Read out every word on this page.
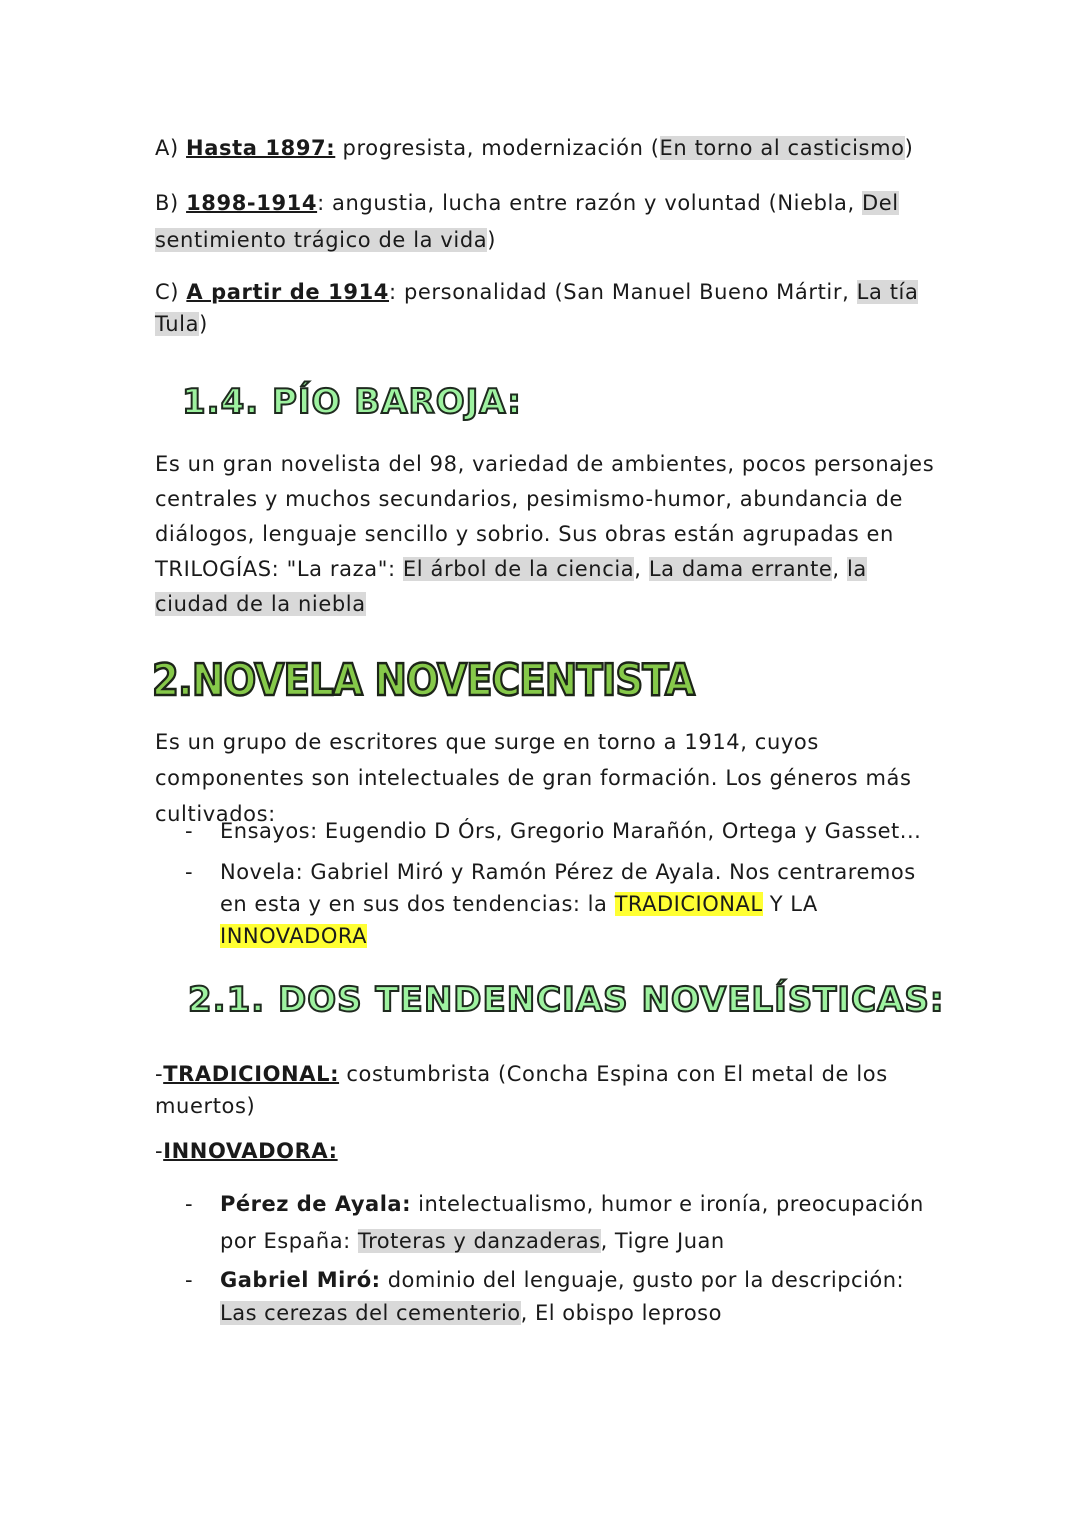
A) Hasta 1897: progresista, modernización (En torno al casticismo)
B) 1898-1914: angustia, lucha entre razón y voluntad (Niebla, Del sentimiento trágico de la vida)
C) A partir de 1914: personalidad (San Manuel Bueno Mártir, La tía Tula)
1.4. PÍO BAROJA:
Es un gran novelista del 98, variedad de ambientes, pocos personajes centrales y muchos secundarios, pesimismo-humor, abundancia de diálogos, lenguaje sencillo y sobrio. Sus obras están agrupadas en TRILOGÍAS: "La raza": El árbol de la ciencia, La dama errante, la ciudad de la niebla
2.NOVELA NOVECENTISTA
Es un grupo de escritores que surge en torno a 1914, cuyos componentes son intelectuales de gran formación. Los géneros más cultivados:
- Ensayos: Eugendio D Órs, Gregorio Marañón, Ortega y Gasset...
- Novela: Gabriel Miró y Ramón Pérez de Ayala. Nos centraremos en esta y en sus dos tendencias: la TRADICIONAL Y LA INNOVADORA
2.1. DOS TENDENCIAS NOVELÍSTICAS:
-TRADICIONAL: costumbrista (Concha Espina con El metal de los muertos)
-INNOVADORA:
- Pérez de Ayala: intelectualismo, humor e ironía, preocupación por España: Troteras y danzaderas, Tigre Juan
- Gabriel Miró: dominio del lenguaje, gusto por la descripción: Las cerezas del cementerio, El obispo leproso
